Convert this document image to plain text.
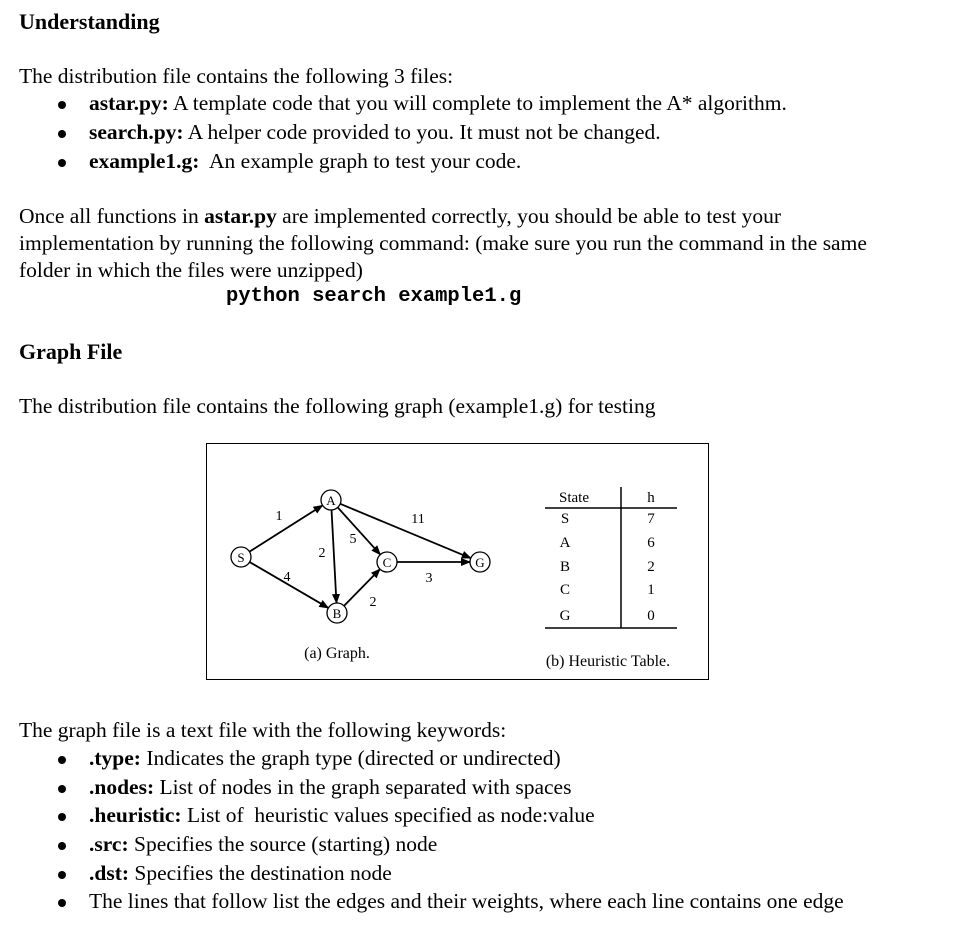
Understanding
The distribution file contains the following 3 files:
astar.py: A template code that you will complete to implement the A* algorithm.
search.py: A helper code provided to you. It must not be changed.
example1.g:  An example graph to test your code.
Once all functions in astar.py are implemented correctly, you should be able to test your
implementation by running the following command: (make sure you run the command in the same
folder in which the files were unzipped)
python search example1.g
Graph File
The distribution file contains the following graph (example1.g) for testing
1
4
2
5
11
2
3
S
A
B
C	G
(a) Graph.
State	h
S	7
A	6
B	2
C	1
G	0
(b) Heuristic Table.
The graph file is a text file with the following keywords:
.type: Indicates the graph type (directed or undirected)
.nodes: List of nodes in the graph separated with spaces
.heuristic: List of  heuristic values specified as node:value
.src: Specifies the source (starting) node
.dst: Specifies the destination node
The lines that follow list the edges and their weights, where each line contains one edge
